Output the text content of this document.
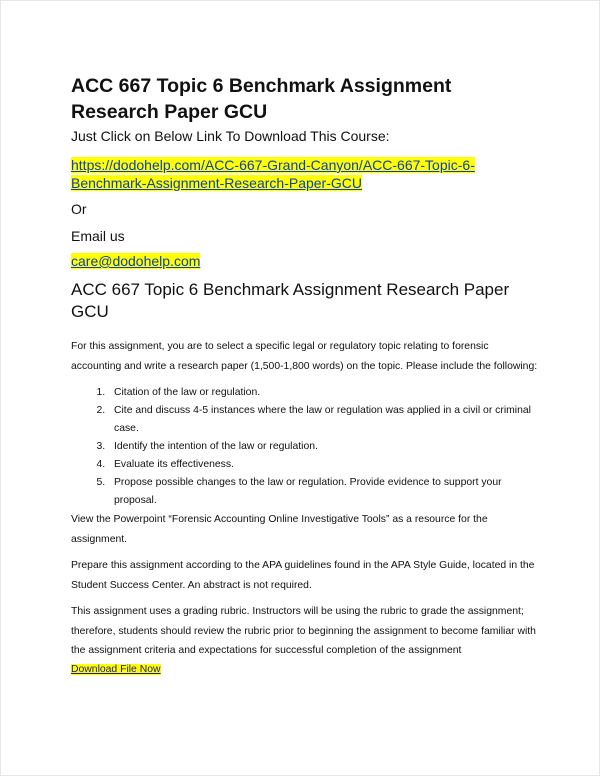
ACC 667 Topic 6 Benchmark Assignment Research Paper GCU
Just Click on Below Link To Download This Course:
https://dodohelp.com/ACC-667-Grand-Canyon/ACC-667-Topic-6-Benchmark-Assignment-Research-Paper-GCU
Or
Email us
care@dodohelp.com
ACC 667 Topic 6 Benchmark Assignment Research Paper GCU

For this assignment, you are to select a specific legal or regulatory topic relating to forensic accounting and write a research paper (1,500-1,800 words) on the topic. Please include the following:

1. Citation of the law or regulation.
2. Cite and discuss 4-5 instances where the law or regulation was applied in a civil or criminal case.
3. Identify the intention of the law or regulation.
4. Evaluate its effectiveness.
5. Propose possible changes to the law or regulation. Provide evidence to support your proposal.

View the Powerpoint “Forensic Accounting Online Investigative Tools” as a resource for the assignment.

Prepare this assignment according to the APA guidelines found in the APA Style Guide, located in the Student Success Center. An abstract is not required.

This assignment uses a grading rubric. Instructors will be using the rubric to grade the assignment; therefore, students should review the rubric prior to beginning the assignment to become familiar with the assignment criteria and expectations for successful completion of the assignment

Download File Now
